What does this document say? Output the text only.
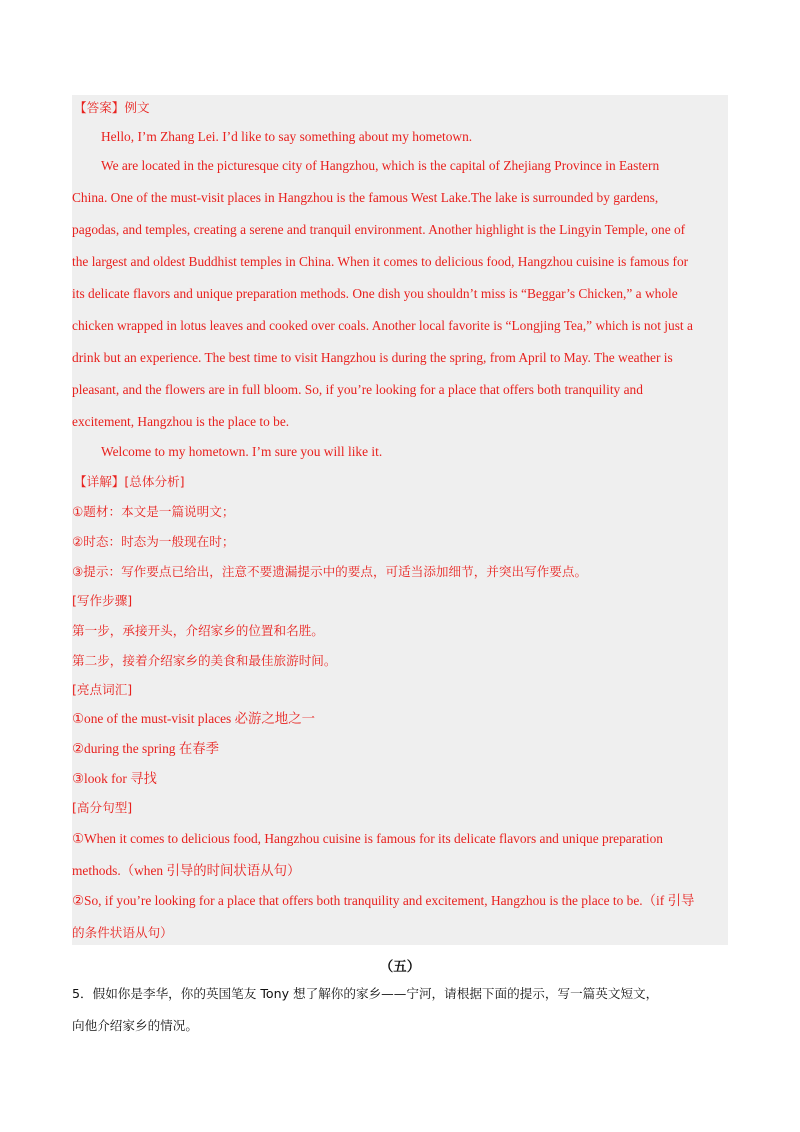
【答案】例文
Hello, I’m Zhang Lei. I’d like to say something about my hometown.
We are located in the picturesque city of Hangzhou, which is the capital of Zhejiang Province in Eastern
China. One of the must-visit places in Hangzhou is the famous West Lake.The lake is surrounded by gardens,
pagodas, and temples, creating a serene and tranquil environment. Another highlight is the Lingyin Temple, one of
the largest and oldest Buddhist temples in China. When it comes to delicious food, Hangzhou cuisine is famous for
its delicate flavors and unique preparation methods. One dish you shouldn’t miss is “Beggar’s Chicken,” a whole
chicken wrapped in lotus leaves and cooked over coals. Another local favorite is “Longjing Tea,” which is not just a
drink but an experience. The best time to visit Hangzhou is during the spring, from April to May. The weather is
pleasant, and the flowers are in full bloom. So, if you’re looking for a place that offers both tranquility and
excitement, Hangzhou is the place to be.
Welcome to my hometown. I’m sure you will like it.
【详解】[总体分析]
①题材：本文是一篇说明文；
②时态：时态为一般现在时；
③提示：写作要点已给出，注意不要遗漏提示中的要点，可适当添加细节，并突出写作要点。
[写作步骤]
第一步，承接开头，介绍家乡的位置和名胜。
第二步，接着介绍家乡的美食和最佳旅游时间。
[亮点词汇]
①one of the must-visit places 必游之地之一
②during the spring 在春季
③look for 寻找
[高分句型]
①When it comes to delicious food, Hangzhou cuisine is famous for its delicate flavors and unique preparation
methods.（when 引导的时间状语从句）
②So, if you’re looking for a place that offers both tranquility and excitement, Hangzhou is the place to be.（if 引导
的条件状语从句）
（五）
5．假如你是李华，你的英国笔友 Tony 想了解你的家乡——宁河，请根据下面的提示，写一篇英文短文，
向他介绍家乡的情况。
